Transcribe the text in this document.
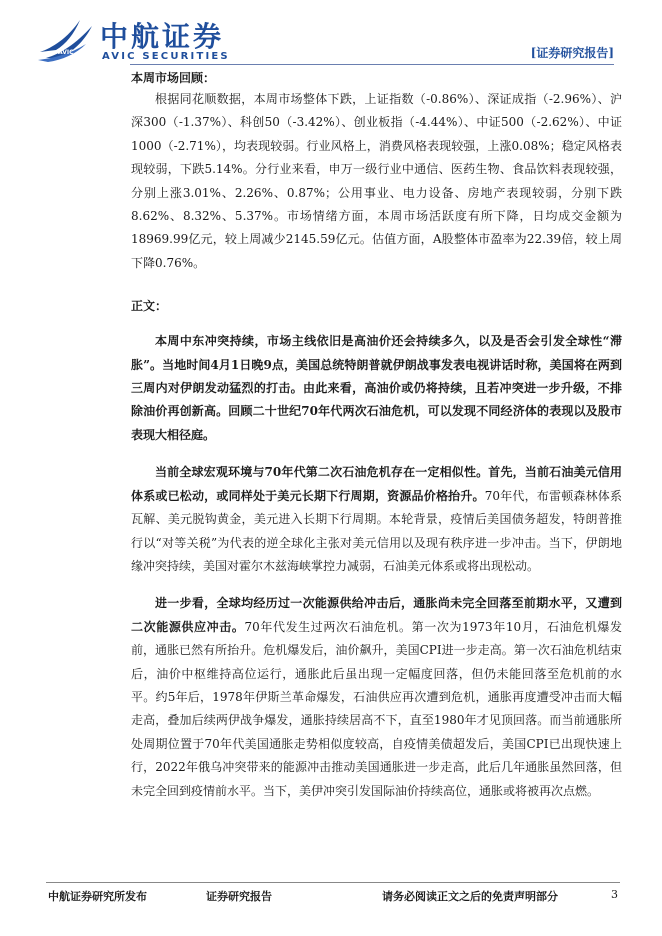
AVIC 中航证券
AVIC SECURITIES	[证券研究报告]

本周市场回顾：

根据同花顺数据，本周市场整体下跌，上证指数（-0.86%）、深证成指（-2.96%）、沪深300（-1.37%）、科创50（-3.42%）、创业板指（-4.44%）、中证500（-2.62%）、中证1000（-2.71%），均表现较弱。行业风格上，消费风格表现较强，上涨0.08%；稳定风格表现较弱，下跌5.14%。分行业来看，申万一级行业中通信、医药生物、食品饮料表现较强，分别上涨3.01%、2.26%、0.87%；公用事业、电力设备、房地产表现较弱，分别下跌8.62%、8.32%、5.37%。市场情绪方面，本周市场活跃度有所下降，日均成交金额为18969.99亿元，较上周减少2145.59亿元。估值方面，A股整体市盈率为22.39倍，较上周下降0.76%。

正文：

本周中东冲突持续，市场主线依旧是高油价还会持续多久，以及是否会引发全球性“滞胀”。当地时间4月1日晚9点，美国总统特朗普就伊朗战事发表电视讲话时称，美国将在两到三周内对伊朗发动猛烈的打击。由此来看，高油价或仍将持续，且若冲突进一步升级，不排除油价再创新高。回顾二十世纪70年代两次石油危机，可以发现不同经济体的表现以及股市表现大相径庭。

当前全球宏观环境与70年代第二次石油危机存在一定相似性。首先，当前石油美元信用体系或已松动，或同样处于美元长期下行周期，资源品价格抬升。70年代，布雷顿森林体系瓦解、美元脱钩黄金，美元进入长期下行周期。本轮背景，疫情后美国债务超发，特朗普推行以“对等关税”为代表的逆全球化主张对美元信用以及现有秩序进一步冲击。当下，伊朗地缘冲突持续，美国对霍尔木兹海峡掌控力减弱，石油美元体系或将出现松动。

进一步看，全球均经历过一次能源供给冲击后，通胀尚未完全回落至前期水平，又遭到二次能源供应冲击。70年代发生过两次石油危机。第一次为1973年10月，石油危机爆发前，通胀已然有所抬升。危机爆发后，油价飙升，美国CPI进一步走高。第一次石油危机结束后，油价中枢维持高位运行，通胀此后虽出现一定幅度回落，但仍未能回落至危机前的水平。约5年后，1978年伊斯兰革命爆发，石油供应再次遭到危机，通胀再度遭受冲击而大幅走高，叠加后续两伊战争爆发，通胀持续居高不下，直至1980年才见顶回落。而当前通胀所处周期位置于70年代美国通胀走势相似度较高，自疫情美债超发后，美国CPI已出现快速上行，2022年俄乌冲突带来的能源冲击推动美国通胀进一步走高，此后几年通胀虽然回落，但未完全回到疫情前水平。当下，美伊冲突引发国际油价持续高位，通胀或将被再次点燃。

中航证券研究所发布	证券研究报告	请务必阅读正文之后的免责声明部分	3
